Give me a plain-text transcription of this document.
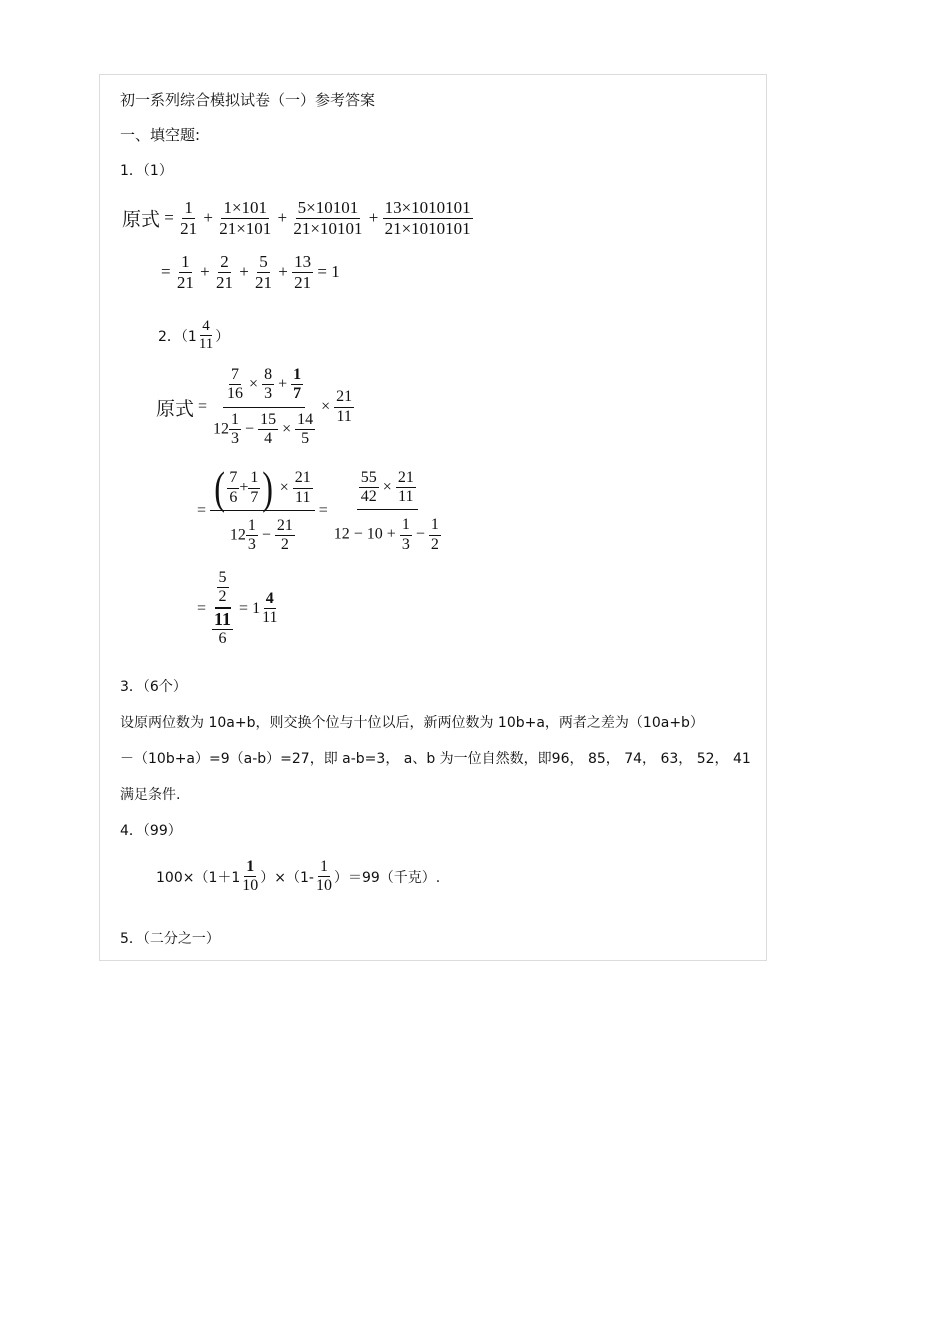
初一系列综合模拟试卷（一）参考答案
一、填空题:
1．（1）
原式 = $\frac{1}{21} + \frac{1\times 101}{21\times 101} + \frac{5\times 10101}{21\times 10101} + \frac{13\times 1010101}{21\times 1010101}$
= $\frac{1}{21} + \frac{2}{21} + \frac{5}{21} + \frac{13}{21} = 1$
2．（$1 \frac{4}{11}$ ）
原式 = $\frac{\frac{7}{16} \times \frac{8}{3} + \frac{1}{7}}{12 \frac{1}{3} - \frac{15}{4} \times \frac{14}{5}} \times \frac{21}{11}$
= $\frac{( \frac{7}{6} + \frac{1}{7} ) \times \frac{21}{11}}{12 \frac{1}{3} - \frac{21}{2}} = \frac{\frac{55}{42} \times \frac{21}{11}}{12 - 10 + \frac{1}{3} - \frac{1}{2}}$
= $\frac{\frac{5}{2}}{\frac{11}{6}} = 1 \frac{4}{11}$
3．（6个）
设原两位数为 10a+b，则交换个位与十位以后，新两位数为 10b+a，两者之差为（10a+b）
－（10b+a）=9（a-b）=27，即 a-b=3， a、b 为一位自然数，即96， 85， 74， 63， 52， 41
满足条件.
4．（99）
$100\times(1+1 \frac{1}{10} )\times(1- \frac{1}{10} )=99$（千克）.
5．（二分之一）
